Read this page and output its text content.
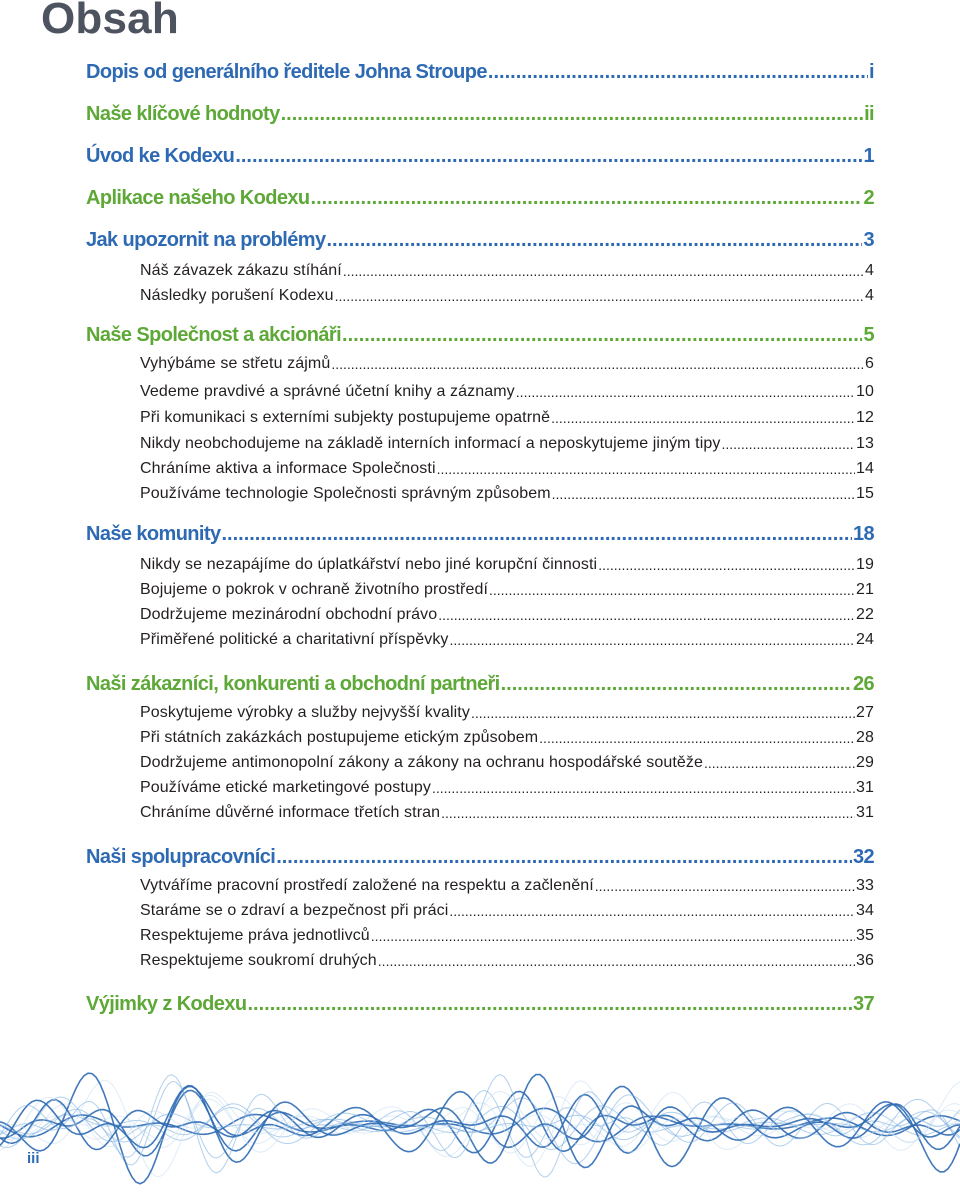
Obsah
Dopis od generálního ředitele Johna Stroupe .....	i
Naše klíčové hodnoty .....	ii
Úvod ke Kodexu .....	1
Aplikace našeho Kodexu .....	2
Jak upozornit na problémy .....	3
Náš závazek zákazu stíhání .....	4
Následky porušení Kodexu .....	4
Naše Společnost a akcionáři .....	5
Vyhýbáme se střetu zájmů .....	6
Vedeme pravdivé a správné účetní knihy a záznamy .....	10
Při komunikaci s externími subjekty postupujeme opatrně .....	12
Nikdy neobchodujeme na základě interních informací a neposkytujeme jiným tipy .....	13
Chráníme aktiva a informace Společnosti .....	14
Používáme technologie Společnosti správným způsobem .....	15
Naše komunity .....	18
Nikdy se nezapájíme do úplatkářství nebo jiné korupční činnosti .....	19
Bojujeme o pokrok v ochraně životního prostředí .....	21
Dodržujeme mezinárodní obchodní právo .....	22
Přiměřené politické a charitativní příspěvky .....	24
Naši zákazníci, konkurenti a obchodní partneři .....	26
Poskytujeme výrobky a služby nejvyšší kvality .....	27
Při státních zakázkách postupujeme etickým způsobem .....	28
Dodržujeme antimonopolní zákony a zákony na ochranu hospodářské soutěže .....	29
Používáme etické marketingové postupy .....	31
Chráníme důvěrné informace třetích stran .....	31
Naši spolupracovníci .....	32
Vytváříme pracovní prostředí založené na respektu a začlenění .....	33
Staráme se o zdraví a bezpečnost při práci .....	34
Respektujeme práva jednotlivců .....	35
Respektujeme soukromí druhých .....	36
Výjimky z Kodexu .....	37
iii
